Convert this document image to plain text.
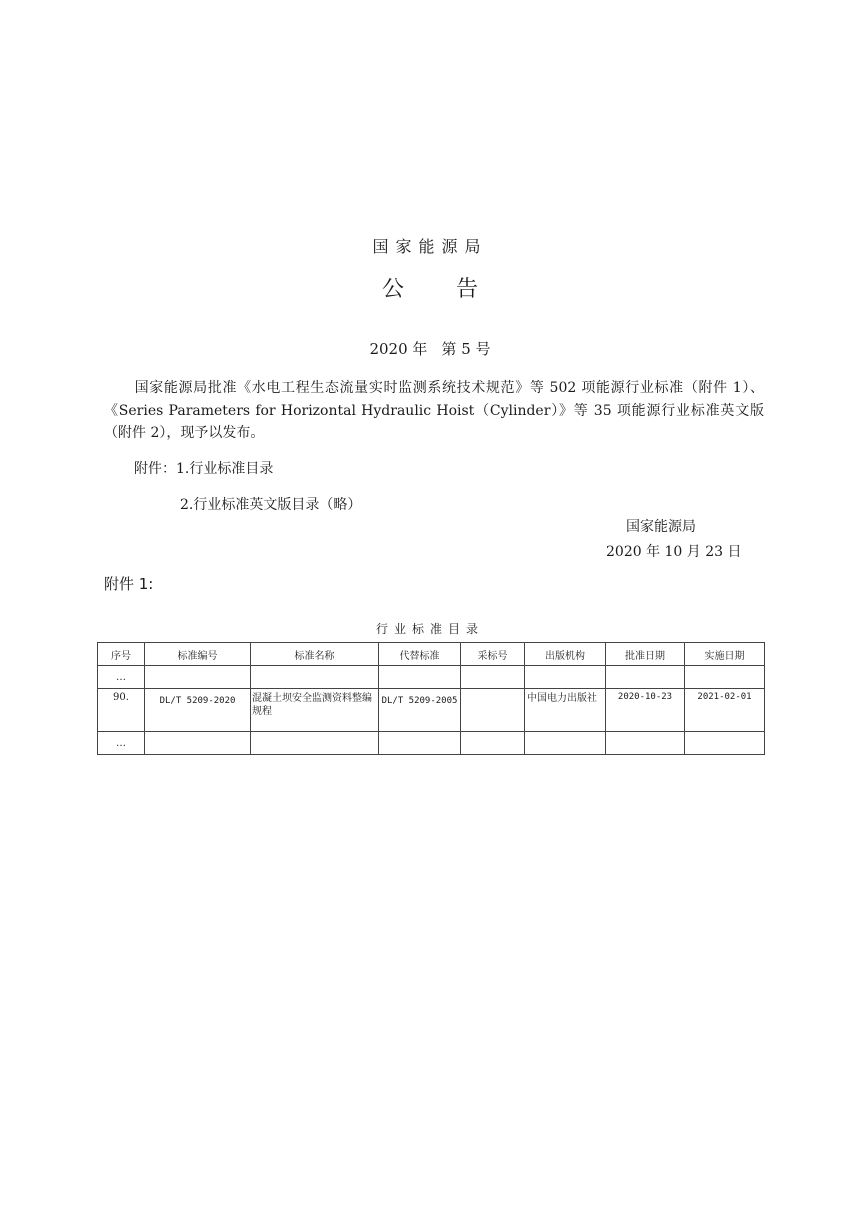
国家能源局
公 告
2020 年 第 5 号
国家能源局批准《水电工程生态流量实时监测系统技术规范》等 502 项能源行业标准（附件 1）、《Series Parameters for Horizontal Hydraulic Hoist（Cylinder）》等 35 项能源行业标准英文版（附件 2），现予以发布。
附件：1.行业标准目录
2.行业标准英文版目录（略）
国家能源局
2020 年 10 月 23 日
附件 1:
行业标准目录
序号	标准编号	标准名称	代替标准	采标号	出版机构	批准日期	实施日期
…							
90.	DL/T 5209-2020	混凝土坝安全监测资料整编规程	DL/T 5209-2005		中国电力出版社	2020-10-23	2021-02-01
…							
